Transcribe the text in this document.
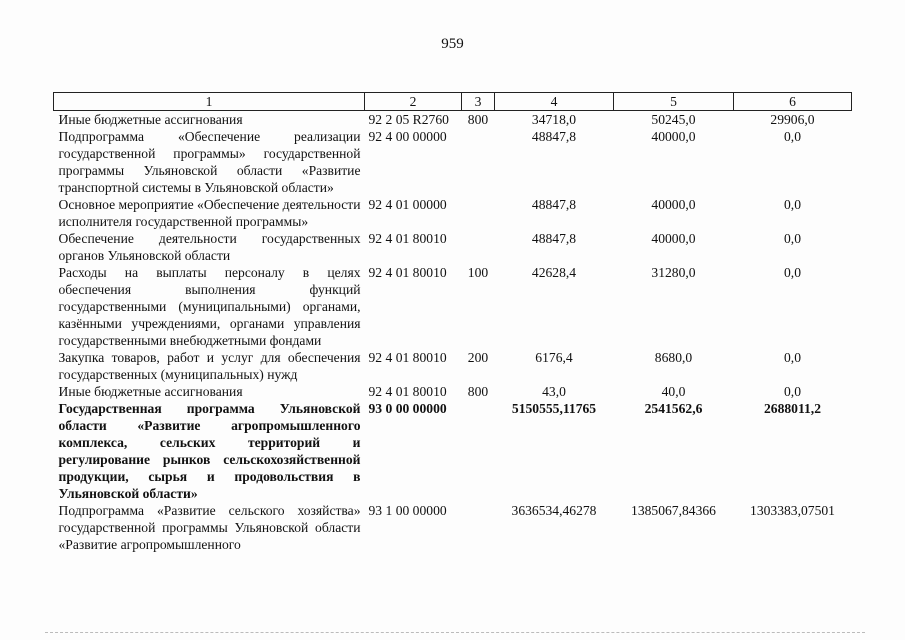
959
1	2	3	4	5	6
Иные бюджетные ассигнования	92 2 05 R2760	800	34718,0	50245,0	29906,0
Подпрограмма «Обеспечение реализации государственной программы» государственной программы Ульяновской области «Развитие транспортной системы в Ульяновской области»	92 4 00 00000		48847,8	40000,0	0,0
Основное мероприятие «Обеспечение деятельности исполнителя государственной программы»	92 4 01 00000		48847,8	40000,0	0,0
Обеспечение деятельности государственных органов Ульяновской области	92 4 01 80010		48847,8	40000,0	0,0
Расходы на выплаты персоналу в целях обеспечения выполнения функций государственными (муниципальными) органами, казёнными учреждениями, органами управления государственными внебюджетными фондами	92 4 01 80010	100	42628,4	31280,0	0,0
Закупка товаров, работ и услуг для обеспечения государственных (муниципальных) нужд	92 4 01 80010	200	6176,4	8680,0	0,0
Иные бюджетные ассигнования	92 4 01 80010	800	43,0	40,0	0,0
Государственная программа Ульяновской области «Развитие агропромышленного комплекса, сельских территорий и регулирование рынков сельскохозяйственной продукции, сырья и продовольствия в Ульяновской области»	93 0 00 00000		5150555,11765	2541562,6	2688011,2
Подпрограмма «Развитие сельского хозяйства» государственной программы Ульяновской области «Развитие агропромышленного	93 1 00 00000		3636534,46278	1385067,84366	1303383,07501
